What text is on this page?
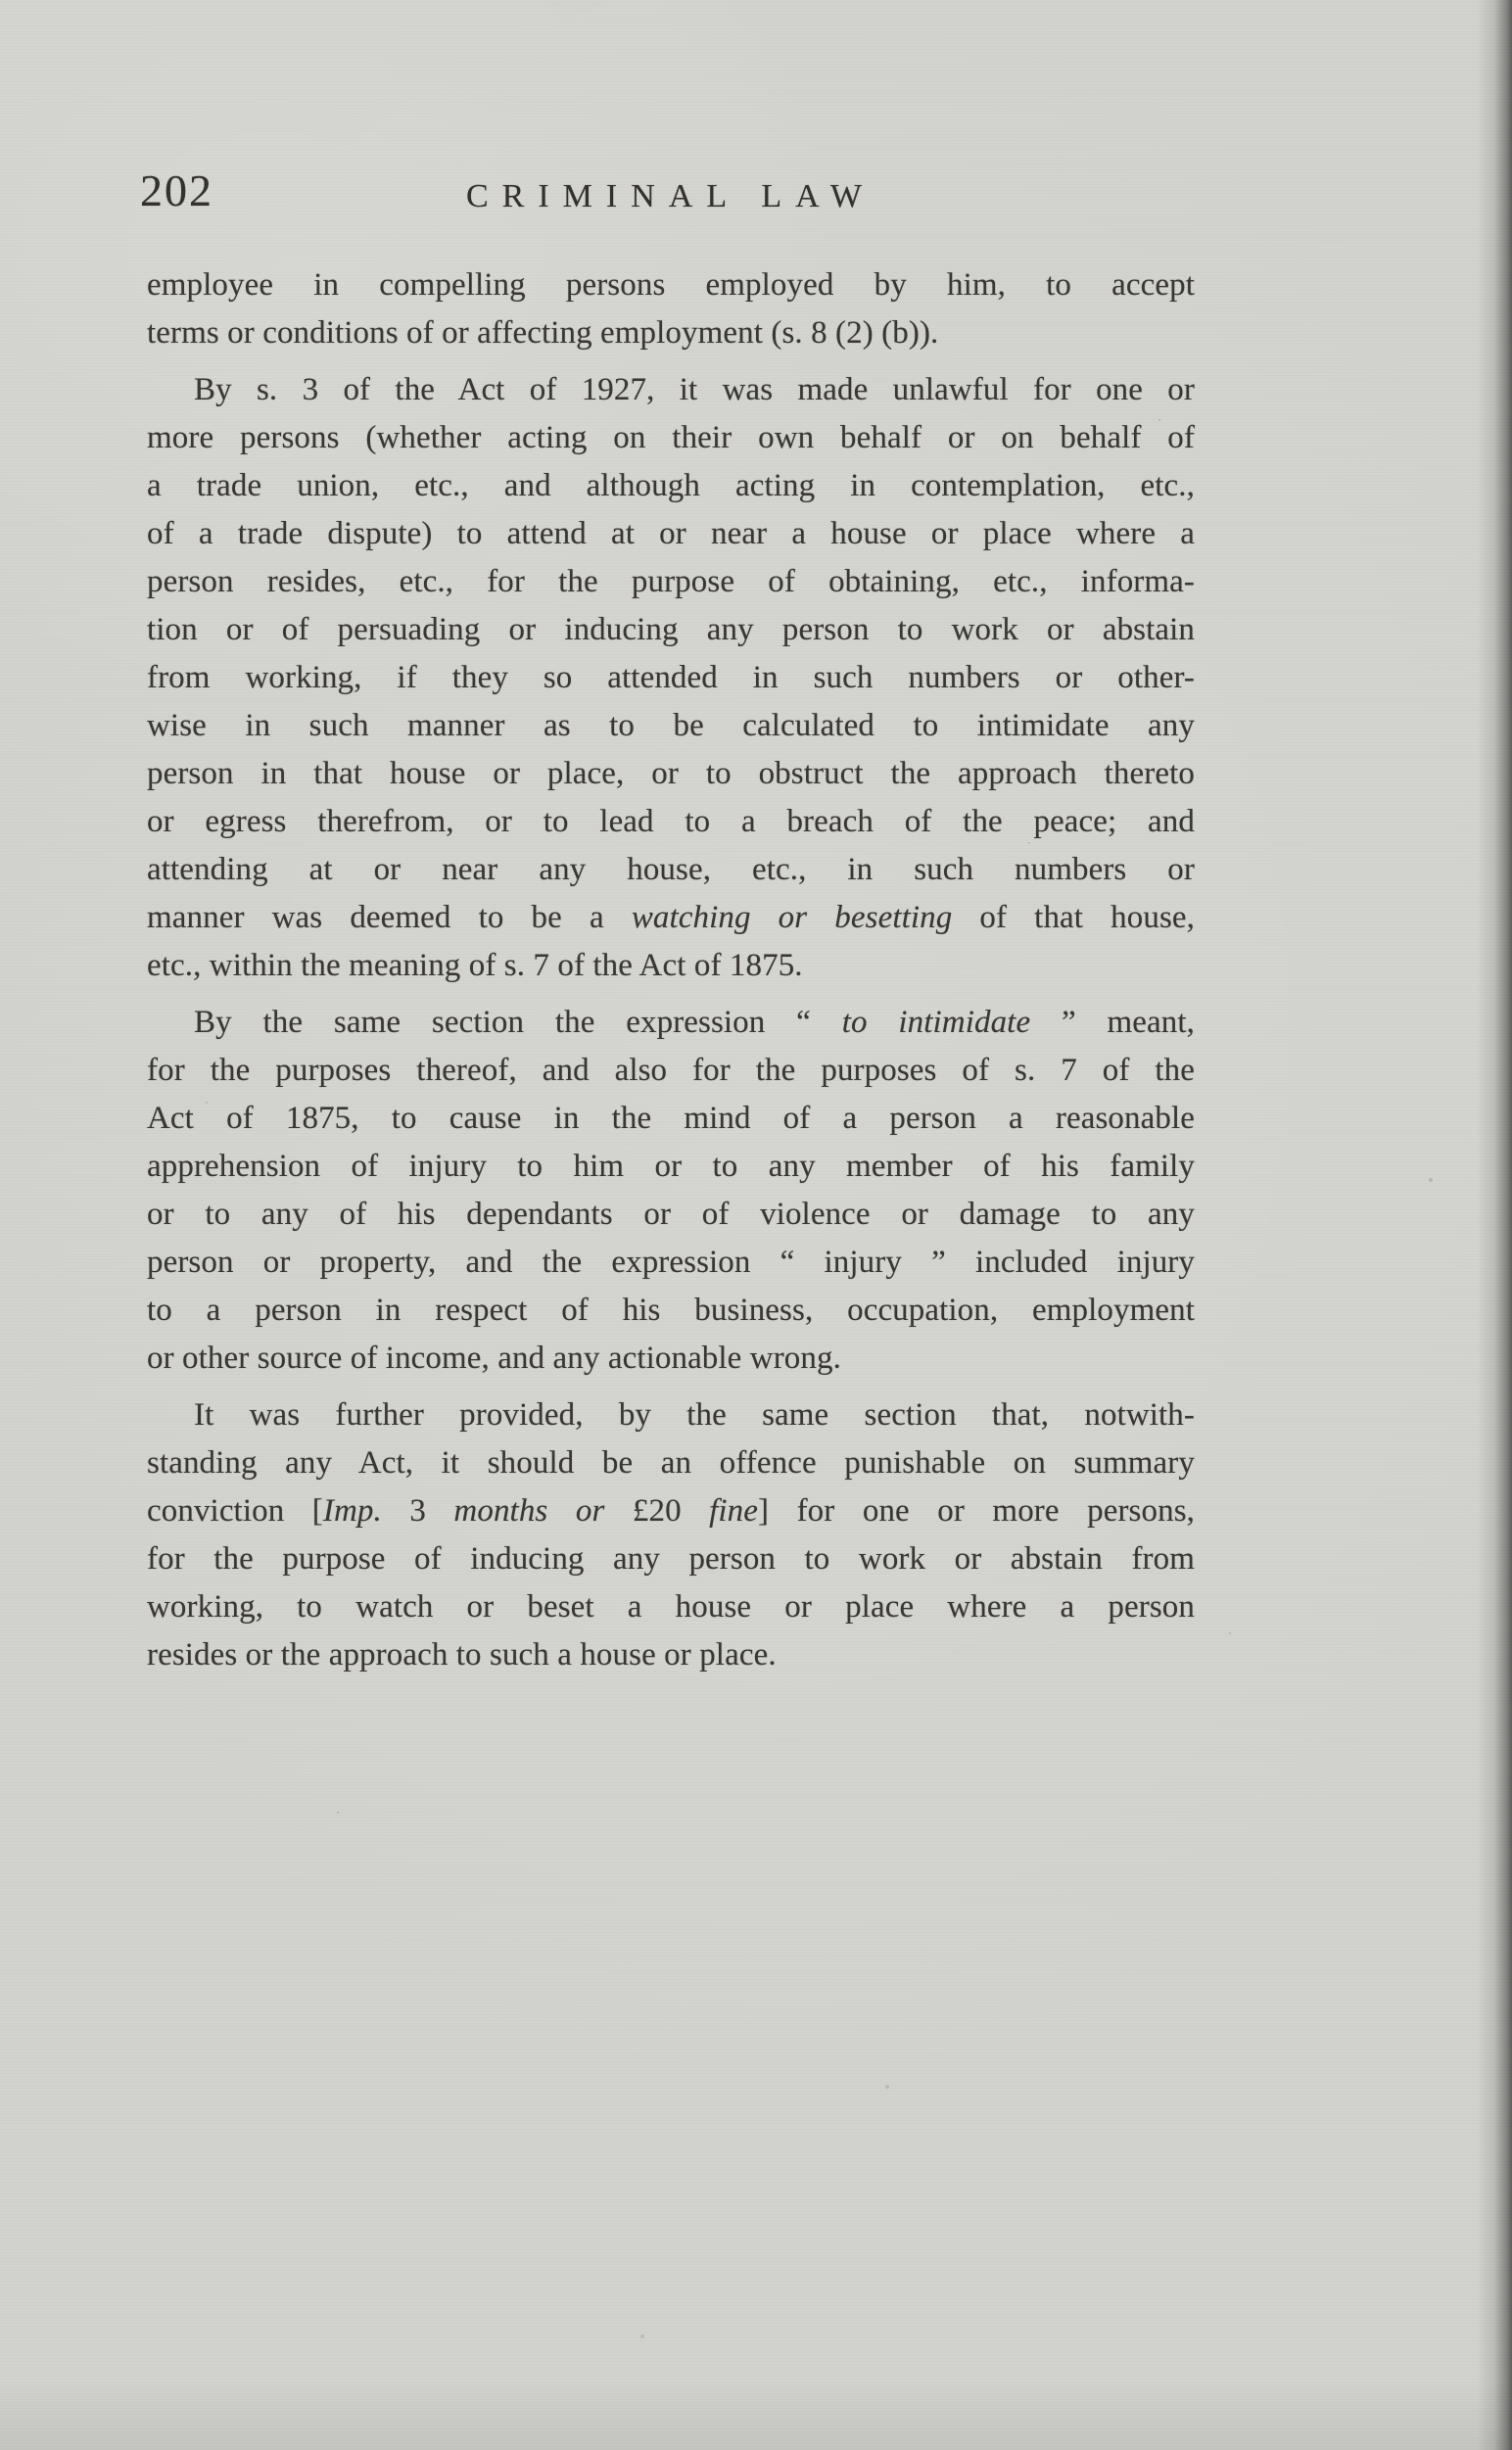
202	CRIMINAL LAW
employee in compelling persons employed by him, to accept
terms or conditions of or affecting employment (s. 8 (2) (b)).
By s. 3 of the Act of 1927, it was made unlawful for one or
more persons (whether acting on their own behalf or on behalf of
a trade union, etc., and although acting in contemplation, etc.,
of a trade dispute) to attend at or near a house or place where a
person resides, etc., for the purpose of obtaining, etc., informa-
tion or of persuading or inducing any person to work or abstain
from working, if they so attended in such numbers or other-
wise in such manner as to be calculated to intimidate any
person in that house or place, or to obstruct the approach thereto
or egress therefrom, or to lead to a breach of the peace; and
attending at or near any house, etc., in such numbers or
manner was deemed to be a watching or besetting of that house,
etc., within the meaning of s. 7 of the Act of 1875.
By the same section the expression “ to intimidate ” meant,
for the purposes thereof, and also for the purposes of s. 7 of the
Act of 1875, to cause in the mind of a person a reasonable
apprehension of injury to him or to any member of his family
or to any of his dependants or of violence or damage to any
person or property, and the expression “ injury ” included injury
to a person in respect of his business, occupation, employment
or other source of income, and any actionable wrong.
It was further provided, by the same section that, notwith-
standing any Act, it should be an offence punishable on summary
conviction [Imp. 3 months or £20 fine] for one or more persons,
for the purpose of inducing any person to work or abstain from
working, to watch or beset a house or place where a person
resides or the approach to such a house or place.
